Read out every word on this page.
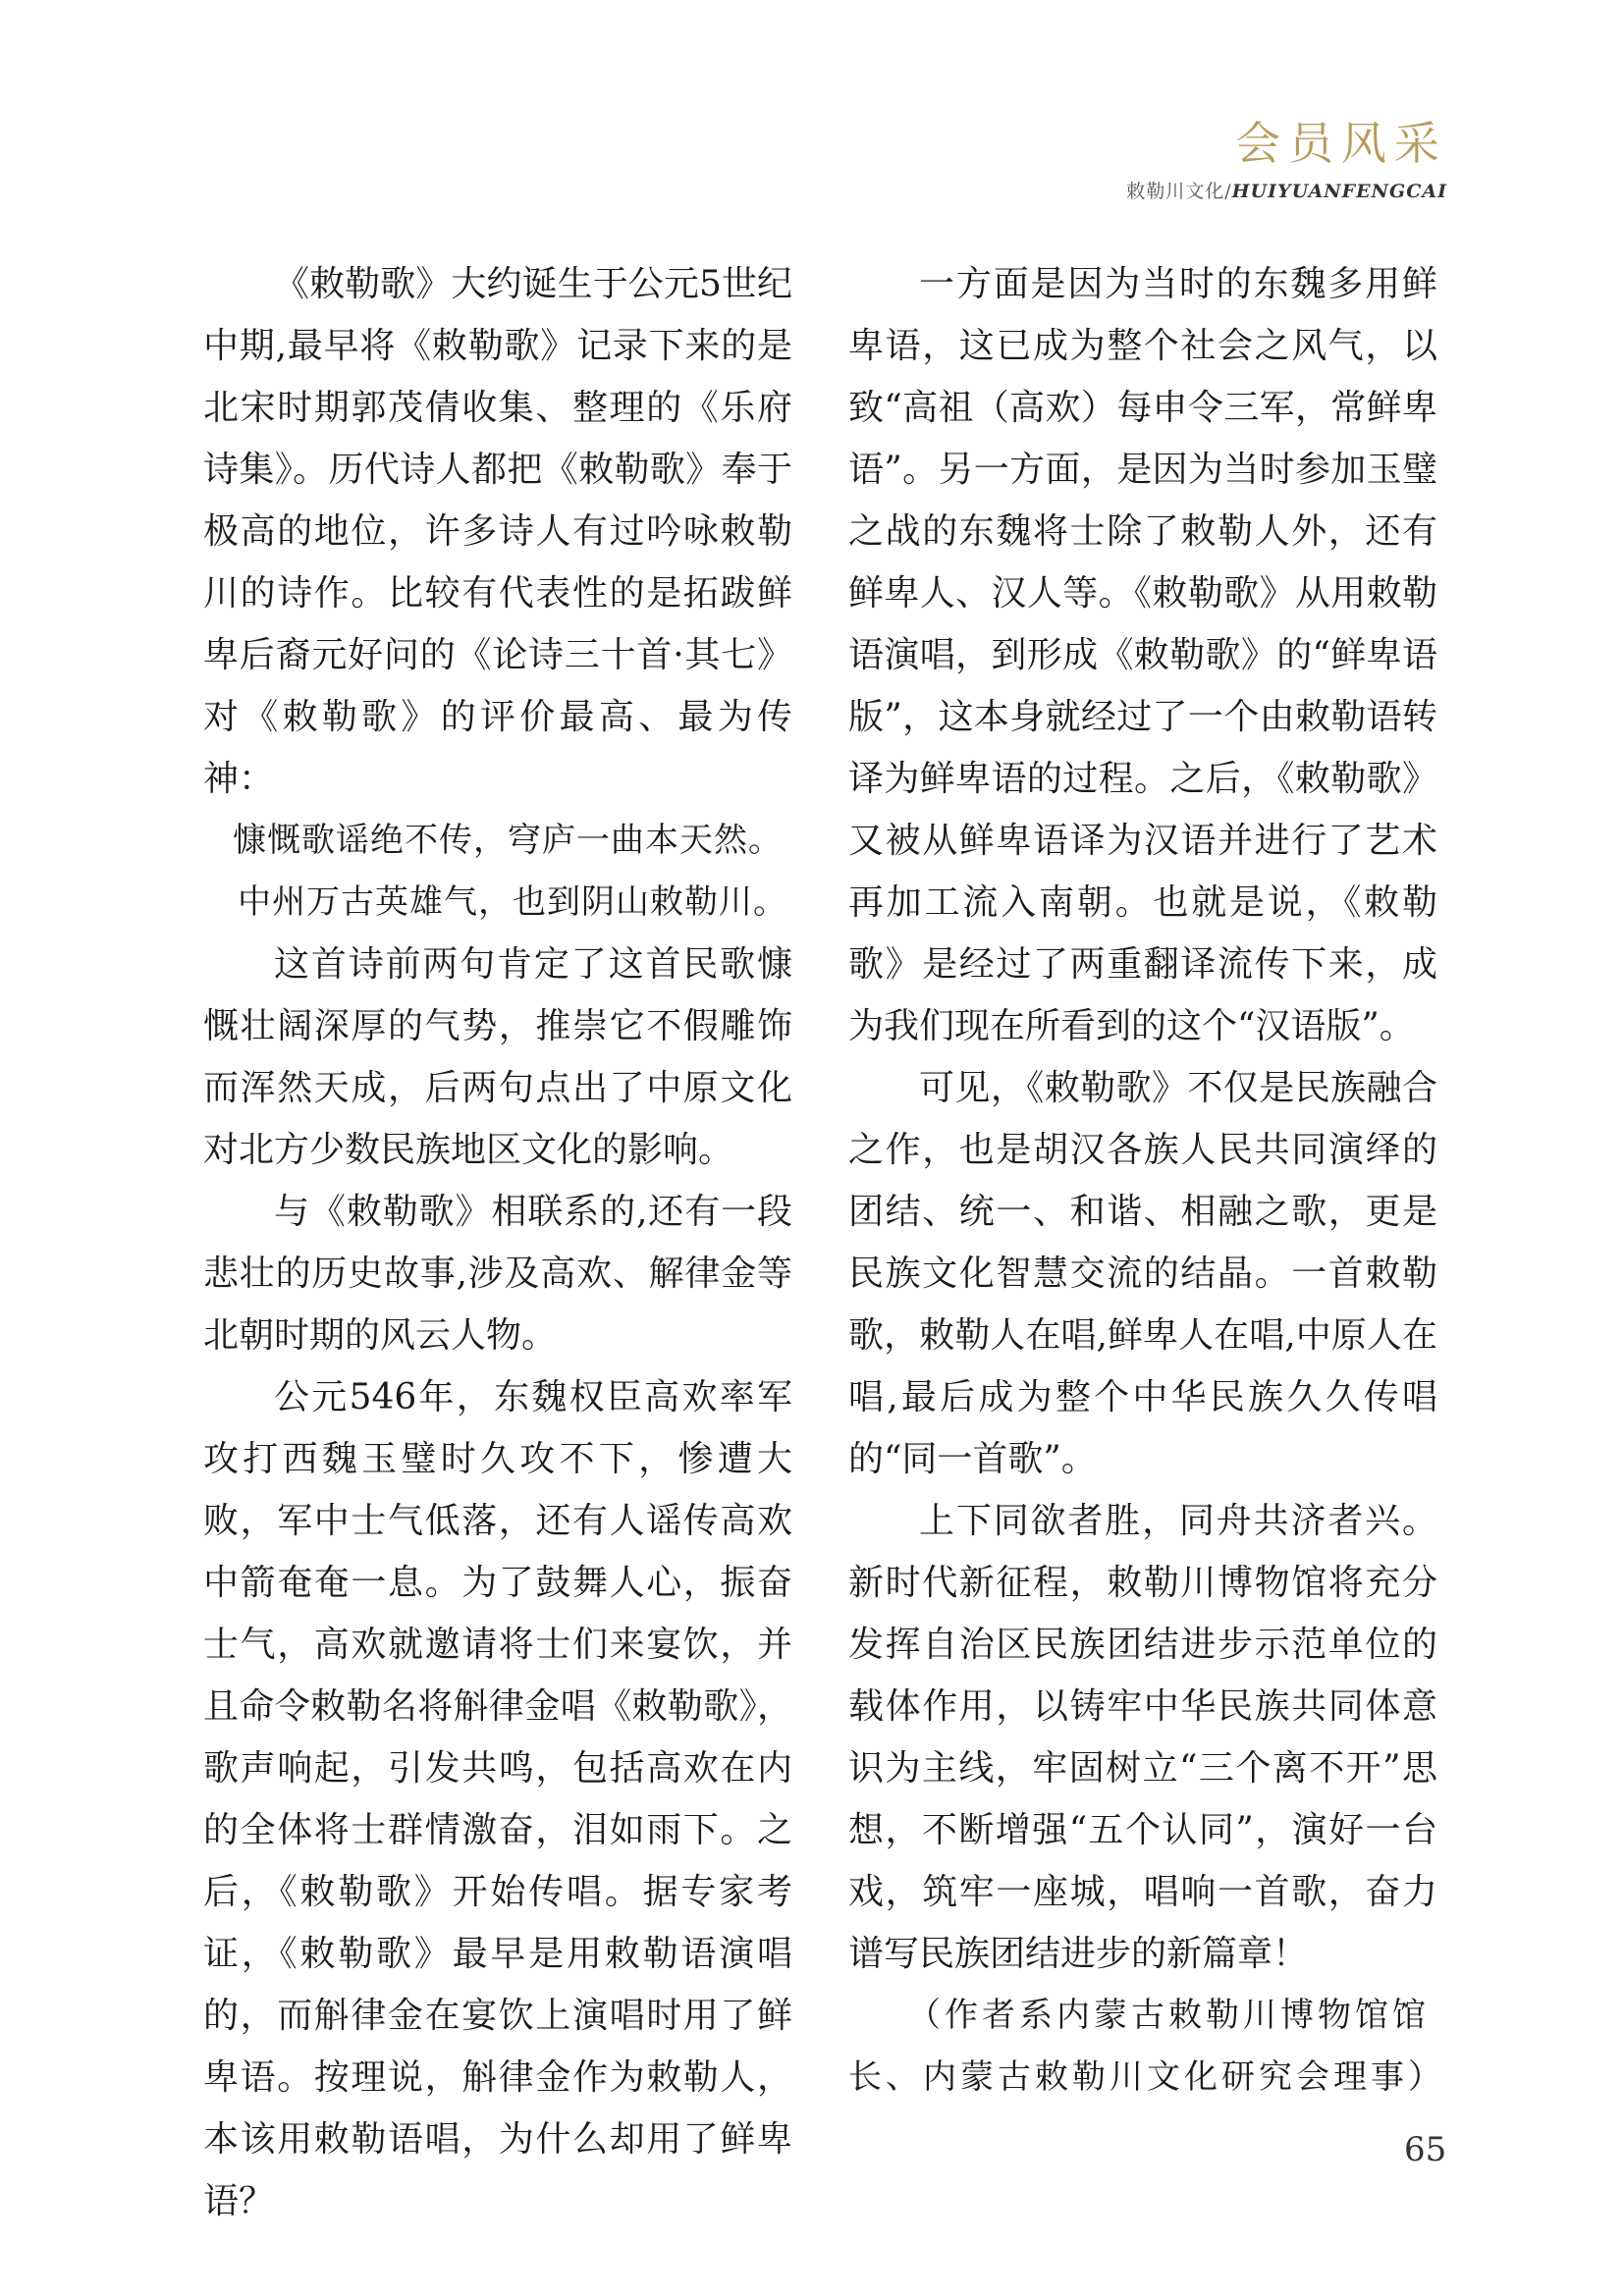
会员风采
敕勒川文化/HUIYUANFENGCAI

《敕勒歌》大约诞生于公元5世纪中期,最早将《敕勒歌》记录下来的是北宋时期郭茂倩收集、整理的《乐府诗集》。历代诗人都把《敕勒歌》奉于极高的地位，许多诗人有过吟咏敕勒川的诗作。比较有代表性的是拓跋鲜卑后裔元好问的《论诗三十首·其七》对《敕勒歌》的评价最高、最为传神：

慷慨歌谣绝不传，穹庐一曲本天然。

中州万古英雄气，也到阴山敕勒川。

这首诗前两句肯定了这首民歌慷慨壮阔深厚的气势，推崇它不假雕饰而浑然天成，后两句点出了中原文化对北方少数民族地区文化的影响。

与《敕勒歌》相联系的,还有一段悲壮的历史故事,涉及高欢、解律金等北朝时期的风云人物。

公元546年，东魏权臣高欢率军攻打西魏玉璧时久攻不下，惨遭大败，军中士气低落，还有人谣传高欢中箭奄奄一息。为了鼓舞人心，振奋士气，高欢就邀请将士们来宴饮，并且命令敕勒名将斛律金唱《敕勒歌》，歌声响起，引发共鸣，包括高欢在内的全体将士群情激奋，泪如雨下。之后，《敕勒歌》开始传唱。据专家考证，《敕勒歌》最早是用敕勒语演唱的，而斛律金在宴饮上演唱时用了鲜卑语。按理说，斛律金作为敕勒人，本该用敕勒语唱，为什么却用了鲜卑语？

一方面是因为当时的东魏多用鲜卑语，这已成为整个社会之风气，以致“高祖（高欢）每申令三军，常鲜卑语”。另一方面，是因为当时参加玉璧之战的东魏将士除了敕勒人外，还有鲜卑人、汉人等。《敕勒歌》从用敕勒语演唱，到形成《敕勒歌》的“鲜卑语版”，这本身就经过了一个由敕勒语转译为鲜卑语的过程。之后，《敕勒歌》又被从鲜卑语译为汉语并进行了艺术再加工流入南朝。也就是说，《敕勒歌》是经过了两重翻译流传下来，成为我们现在所看到的这个“汉语版”。

可见，《敕勒歌》不仅是民族融合之作，也是胡汉各族人民共同演绎的团结、统一、和谐、相融之歌，更是民族文化智慧交流的结晶。一首敕勒歌，敕勒人在唱,鲜卑人在唱,中原人在唱,最后成为整个中华民族久久传唱的“同一首歌”。

上下同欲者胜，同舟共济者兴。新时代新征程，敕勒川博物馆将充分发挥自治区民族团结进步示范单位的载体作用，以铸牢中华民族共同体意识为主线，牢固树立“三个离不开”思想，不断增强“五个认同”，演好一台戏，筑牢一座城，唱响一首歌，奋力谱写民族团结进步的新篇章！

（作者系内蒙古敕勒川博物馆馆长、内蒙古敕勒川文化研究会理事）

65
